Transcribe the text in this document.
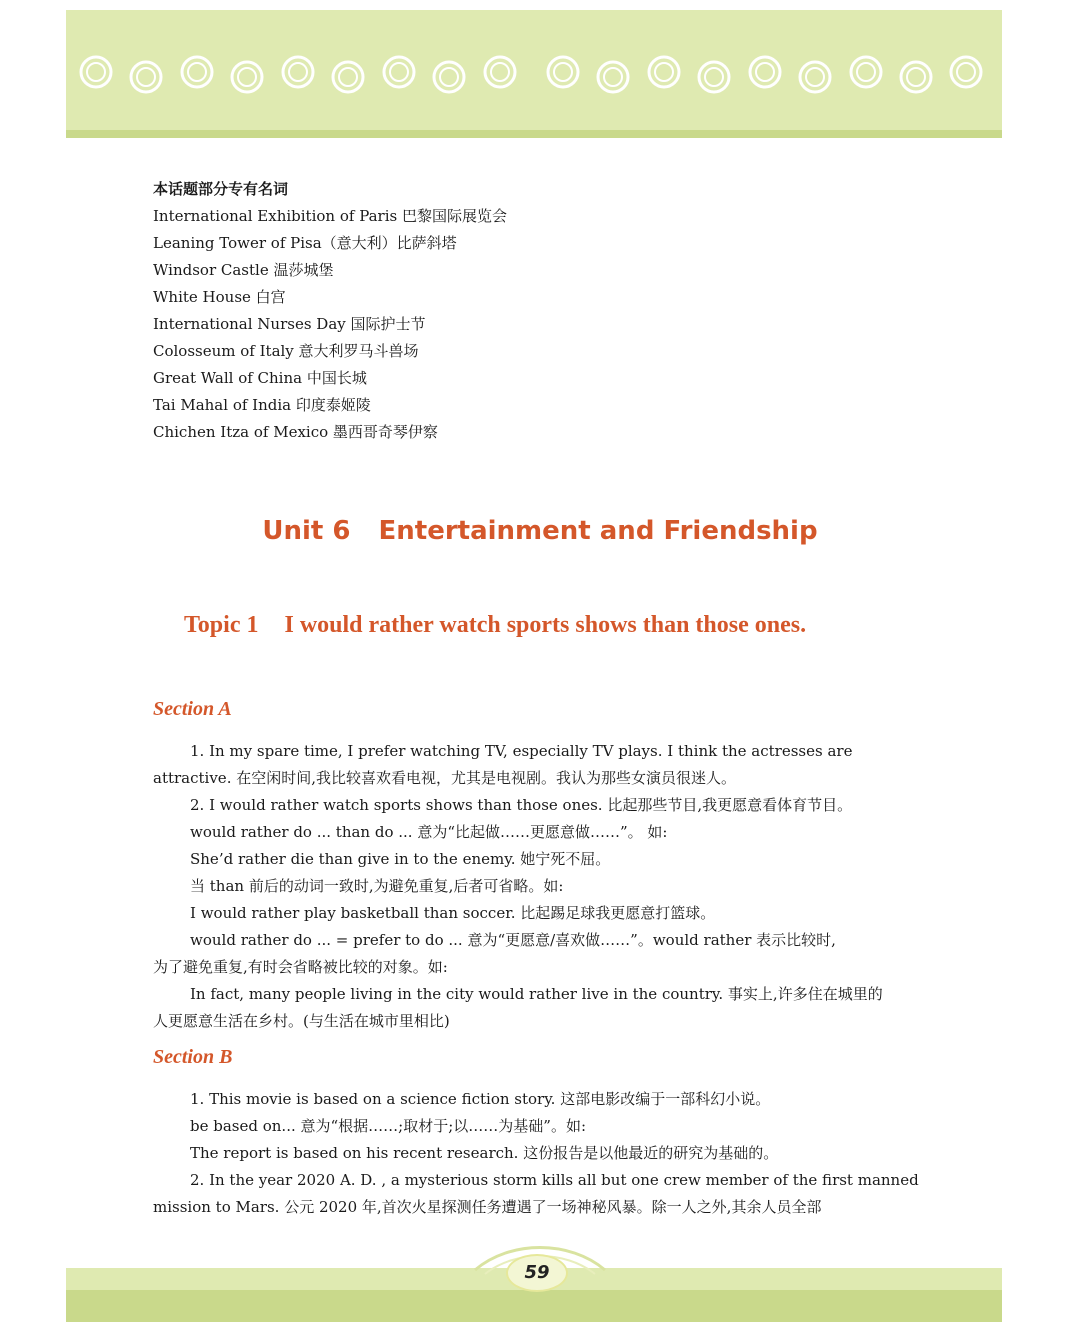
本话题部分专有名词
International Exhibition of Paris 巴黎国际展览会
Leaning Tower of Pisa（意大利）比萨斜塔
Windsor Castle 温莎城堡
White House 白宫
International Nurses Day 国际护士节
Colosseum of Italy 意大利罗马斗兽场
Great Wall of China 中国长城
Tai Mahal of India 印度泰姬陵
Chichen Itza of Mexico 墨西哥奇琴伊察
Unit 6 Entertainment and Friendship
Topic 1 I would rather watch sports shows than those ones.
Section A
1. In my spare time, I prefer watching TV, especially TV plays. I think the actresses are
attractive. 在空闲时间,我比较喜欢看电视，尤其是电视剧。我认为那些女演员很迷人。
2. I would rather watch sports shows than those ones. 比起那些节目,我更愿意看体育节目。
would rather do ... than do ... 意为“比起做……更愿意做……”。 如:
She’d rather die than give in to the enemy. 她宁死不屈。
当 than 前后的动词一致时,为避免重复,后者可省略。如:
I would rather play basketball than soccer. 比起踢足球我更愿意打篮球。
would rather do ... = prefer to do ... 意为“更愿意/喜欢做……”。would rather 表示比较时,
为了避免重复,有时会省略被比较的对象。如:
In fact, many people living in the city would rather live in the country. 事实上,许多住在城里的
人更愿意生活在乡村。(与生活在城市里相比)
Section B
1. This movie is based on a science fiction story. 这部电影改编于一部科幻小说。
be based on... 意为“根据……;取材于;以……为基础”。如:
The report is based on his recent research. 这份报告是以他最近的研究为基础的。
2. In the year 2020 A. D. , a mysterious storm kills all but one crew member of the first manned
mission to Mars. 公元 2020 年,首次火星探测任务遭遇了一场神秘风暴。除一人之外,其余人员全部
59
